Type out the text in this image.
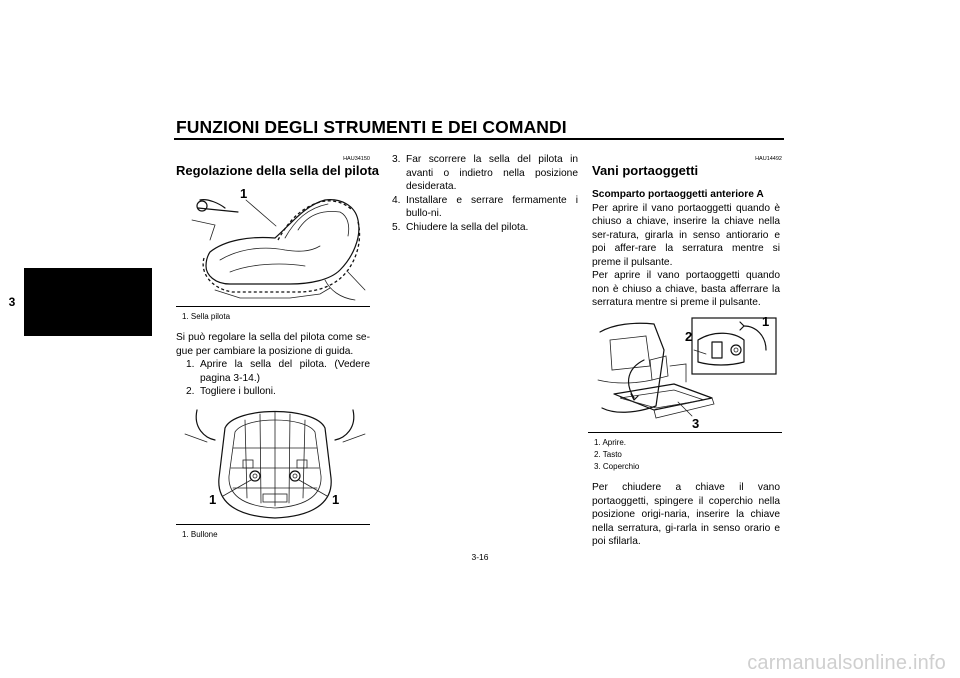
FUNZIONI DEGLI STRUMENTI E DEI COMANDI
3
HAU34150
Regolazione della sella del pilota
1
1. Sella pilota

Si può regolare la sella del pilota come se-gue per cambiare la posizione di guida.

1. Aprire la sella del pilota. (Vedere pagina 3-14.)
2. Togliere i bulloni.
1	1
1. Bullone
3. Far scorrere la sella del pilota in avanti o indietro nella posizione desiderata.
4. Installare e serrare fermamente i bullo-ni.
5. Chiudere la sella del pilota.
HAU14492
Vani portaoggetti

Scomparto portaoggetti anteriore A

Per aprire il vano portaoggetti quando è chiuso a chiave, inserire la chiave nella ser-ratura, girarla in senso antiorario e poi affer-rare la serratura mentre si preme il pulsante.

Per aprire il vano portaoggetti quando non è chiuso a chiave, basta afferrare la serratura mentre si preme il pulsante.

2
1
3
1. Aprire.
2. Tasto
3. Coperchio

Per chiudere a chiave il vano portaoggetti, spingere il coperchio nella posizione origi-naria, inserire la chiave nella serratura, gi-rarla in senso orario e poi sfilarla.

3-16
carmanualsonline.info
